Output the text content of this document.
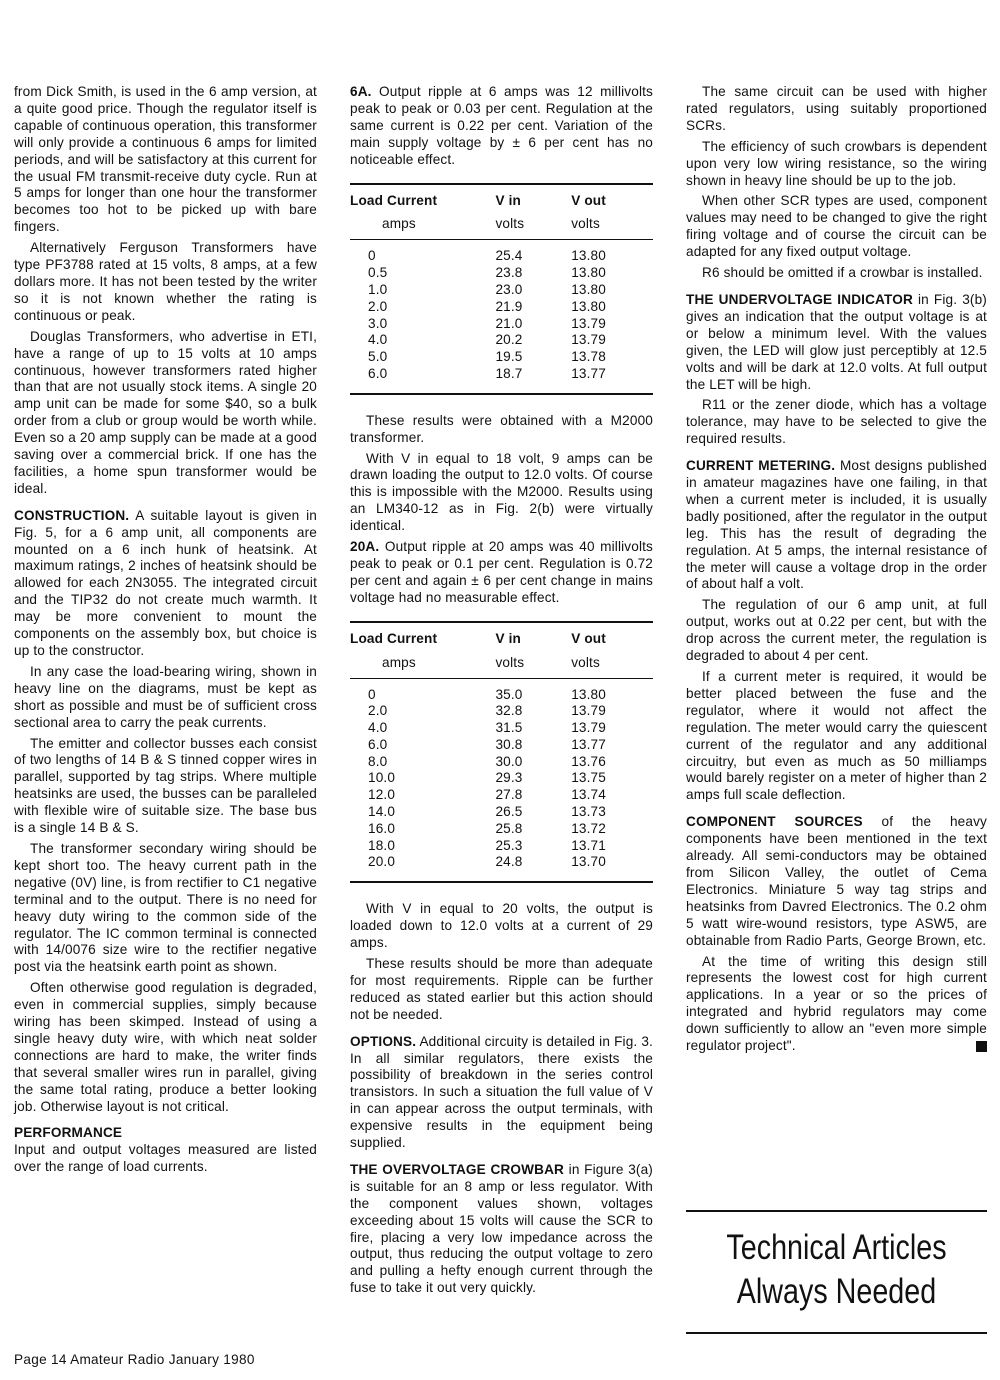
from Dick Smith, is used in the 6 amp version, at a quite good price. Though the regulator itself is capable of continuous operation, this transformer will only provide a continuous 6 amps for limited periods, and will be satisfactory at this current for the usual FM transmit-receive duty cycle. Run at 5 amps for longer than one hour the transformer becomes too hot to be picked up with bare fingers.

Alternatively Ferguson Transformers have type PF3788 rated at 15 volts, 8 amps, at a few dollars more. It has not been tested by the writer so it is not known whether the rating is continuous or peak.

Douglas Transformers, who advertise in ETI, have a range of up to 15 volts at 10 amps continuous, however transformers rated higher than that are not usually stock items. A single 20 amp unit can be made for some $40, so a bulk order from a club or group would be worth while. Even so a 20 amp supply can be made at a good saving over a commercial brick. If one has the facilities, a home spun transformer would be ideal.

CONSTRUCTION. A suitable layout is given in Fig. 5, for a 6 amp unit, all components are mounted on a 6 inch hunk of heatsink. At maximum ratings, 2 inches of heatsink should be allowed for each 2N3055. The integrated circuit and the TIP32 do not create much warmth. It may be more convenient to mount the components on the assembly box, but choice is up to the constructor.

In any case the load-bearing wiring, shown in heavy line on the diagrams, must be kept as short as possible and must be of sufficient cross sectional area to carry the peak currents.

The emitter and collector busses each consist of two lengths of 14 B & S tinned copper wires in parallel, supported by tag strips. Where multiple heatsinks are used, the busses can be paralleled with flexible wire of suitable size. The base bus is a single 14 B & S.

The transformer secondary wiring should be kept short too. The heavy current path in the negative (0V) line, is from rectifier to C1 negative terminal and to the output. There is no need for heavy duty wiring to the common side of the regulator. The IC common terminal is connected with 14/0076 size wire to the rectifier negative post via the heatsink earth point as shown.

Often otherwise good regulation is degraded, even in commercial supplies, simply because wiring has been skimped. Instead of using a single heavy duty wire, with which neat solder connections are hard to make, the writer finds that several smaller wires run in parallel, giving the same total rating, produce a better looking job. Otherwise layout is not critical.

PERFORMANCE

Input and output voltages measured are listed over the range of load currents.

6A. Output ripple at 6 amps was 12 millivolts peak to peak or 0.03 per cent. Regulation at the same current is 0.22 per cent. Variation of the main supply voltage by ± 6 per cent has no noticeable effect.

Load Current	V in	V out
amps	volts	volts
0	25.4	13.80
0.5	23.8	13.80
1.0	23.0	13.80
2.0	21.9	13.80
3.0	21.0	13.79
4.0	20.2	13.79
5.0	19.5	13.78
6.0	18.7	13.77

These results were obtained with a M2000 transformer.

With V in equal to 18 volt, 9 amps can be drawn loading the output to 12.0 volts. Of course this is impossible with the M2000. Results using an LM340-12 as in Fig. 2(b) were virtually identical.

20A. Output ripple at 20 amps was 40 millivolts peak to peak or 0.1 per cent. Regulation is 0.72 per cent and again ± 6 per cent change in mains voltage had no measurable effect.

Load Current	V in	V out
amps	volts	volts
0	35.0	13.80
2.0	32.8	13.79
4.0	31.5	13.79
6.0	30.8	13.77
8.0	30.0	13.76
10.0	29.3	13.75
12.0	27.8	13.74
14.0	26.5	13.73
16.0	25.8	13.72
18.0	25.3	13.71
20.0	24.8	13.70

With V in equal to 20 volts, the output is loaded down to 12.0 volts at a current of 29 amps.

These results should be more than adequate for most requirements. Ripple can be further reduced as stated earlier but this action should not be needed.

OPTIONS. Additional circuity is detailed in Fig. 3. In all similar regulators, there exists the possibility of breakdown in the series control transistors. In such a situation the full value of V in can appear across the output terminals, with expensive results in the equipment being supplied.

THE OVERVOLTAGE CROWBAR in Figure 3(a) is suitable for an 8 amp or less regulator. With the component values shown, voltages exceeding about 15 volts will cause the SCR to fire, placing a very low impedance across the output, thus reducing the output voltage to zero and pulling a hefty enough current through the fuse to take it out very quickly.

The same circuit can be used with higher rated regulators, using suitably proportioned SCRs.

The efficiency of such crowbars is dependent upon very low wiring resistance, so the wiring shown in heavy line should be up to the job.

When other SCR types are used, component values may need to be changed to give the right firing voltage and of course the circuit can be adapted for any fixed output voltage.

R6 should be omitted if a crowbar is installed.

THE UNDERVOLTAGE INDICATOR in Fig. 3(b) gives an indication that the output voltage is at or below a minimum level. With the values given, the LED will glow just perceptibly at 12.5 volts and will be dark at 12.0 volts. At full output the LET will be high.

R11 or the zener diode, which has a voltage tolerance, may have to be selected to give the required results.

CURRENT METERING. Most designs published in amateur magazines have one failing, in that when a current meter is included, it is usually badly positioned, after the regulator in the output leg. This has the result of degrading the regulation. At 5 amps, the internal resistance of the meter will cause a voltage drop in the order of about half a volt.

The regulation of our 6 amp unit, at full output, works out at 0.22 per cent, but with the drop across the current meter, the regulation is degraded to about 4 per cent.

If a current meter is required, it would be better placed between the fuse and the regulator, where it would not affect the regulation. The meter would carry the quiescent current of the regulator and any additional circuitry, but even as much as 50 milliamps would barely register on a meter of higher than 2 amps full scale deflection.

COMPONENT SOURCES of the heavy components have been mentioned in the text already. All semi-conductors may be obtained from Silicon Valley, the outlet of Cema Electronics. Miniature 5 way tag strips and heatsinks from Davred Electronics. The 0.2 ohm 5 watt wire-wound resistors, type ASW5, are obtainable from Radio Parts, George Brown, etc.

At the time of writing this design still represents the lowest cost for high current applications. In a year or so the prices of integrated and hybrid regulators may come down sufficiently to allow an "even more simple regulator project".

Technical Articles
Always Needed
Page 14 Amateur Radio January 1980
